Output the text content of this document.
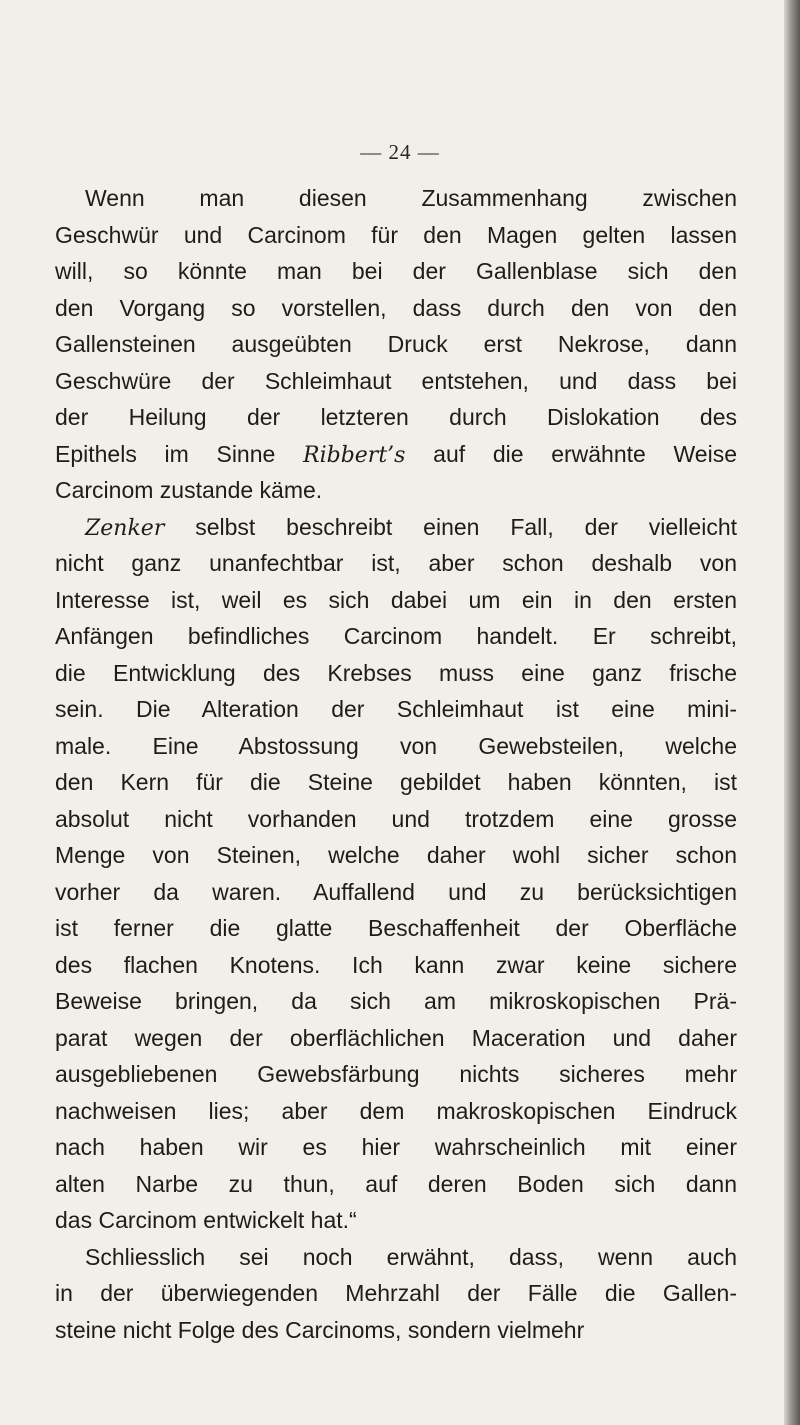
— 24 —
Wenn man diesen Zusammenhang zwischen
Geschwür und Carcinom für den Magen gelten lassen
will, so könnte man bei der Gallenblase sich den
den Vorgang so vorstellen, dass durch den von den
Gallensteinen ausgeübten Druck erst Nekrose, dann
Geschwüre der Schleimhaut entstehen, und dass bei
der Heilung der letzteren durch Dislokation des
Epithels im Sinne Ribbert’s auf die erwähnte Weise
Carcinom zustande käme.
Zenker selbst beschreibt einen Fall, der vielleicht
nicht ganz unanfechtbar ist, aber schon deshalb von
Interesse ist, weil es sich dabei um ein in den ersten
Anfängen befindliches Carcinom handelt. Er schreibt,
die Entwicklung des Krebses muss eine ganz frische
sein. Die Alteration der Schleimhaut ist eine mini-
male. Eine Abstossung von Gewebsteilen, welche
den Kern für die Steine gebildet haben könnten, ist
absolut nicht vorhanden und trotzdem eine grosse
Menge von Steinen, welche daher wohl sicher schon
vorher da waren. Auffallend und zu berücksichtigen
ist ferner die glatte Beschaffenheit der Oberfläche
des flachen Knotens. Ich kann zwar keine sichere
Beweise bringen, da sich am mikroskopischen Prä-
parat wegen der oberflächlichen Maceration und daher
ausgebliebenen Gewebsfärbung nichts sicheres mehr
nachweisen lies; aber dem makroskopischen Eindruck
nach haben wir es hier wahrscheinlich mit einer
alten Narbe zu thun, auf deren Boden sich dann
das Carcinom entwickelt hat.“
Schliesslich sei noch erwähnt, dass, wenn auch
in der überwiegenden Mehrzahl der Fälle die Gallen-
steine nicht Folge des Carcinoms, sondern vielmehr
